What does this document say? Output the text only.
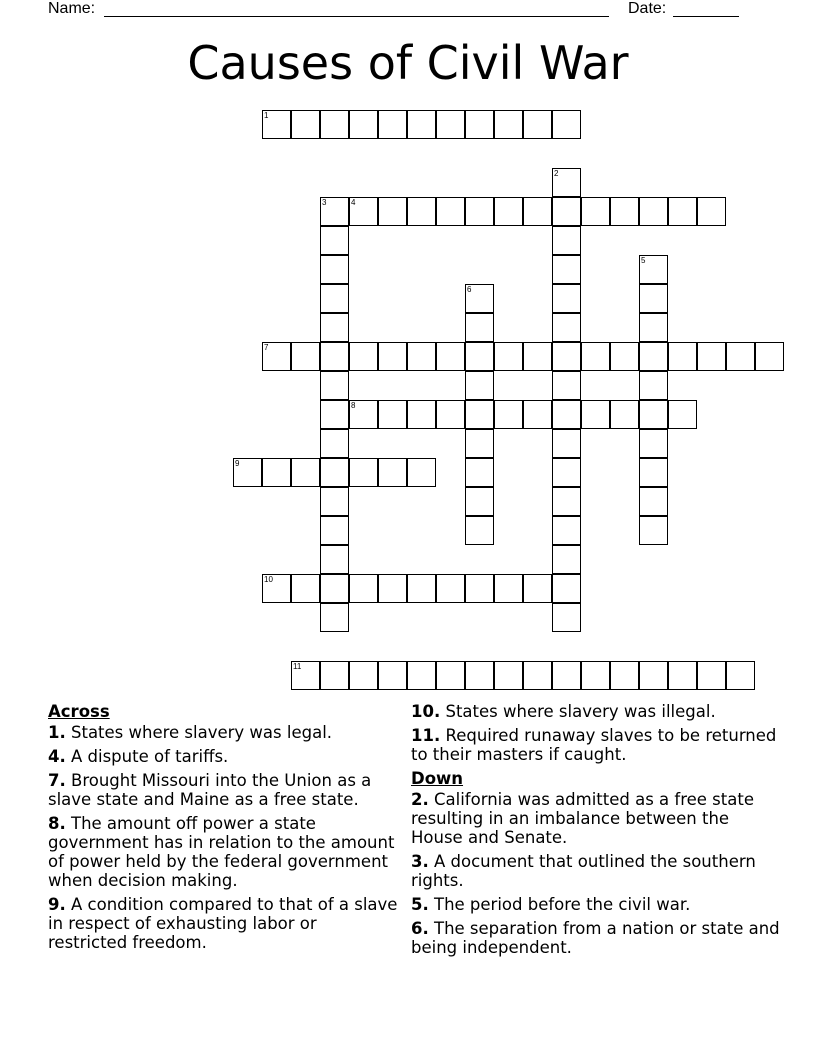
Name:	Date:
Causes of Civil War
1
2
3	4
5
6
7
8
9
10
11
Across
1. States where slavery was legal.
4. A dispute of tariffs.
7. Brought Missouri into the Union as a slave state and Maine as a free state.
8. The amount off power a state government has in relation to the amount of power held by the federal government when decision making.
9. A condition compared to that of a slave in respect of exhausting labor or restricted freedom.
10. States where slavery was illegal.
11. Required runaway slaves to be returned to their masters if caught.
Down
2. California was admitted as a free state resulting in an imbalance between the House and Senate.
3. A document that outlined the southern rights.
5. The period before the civil war.
6. The separation from a nation or state and being independent.
